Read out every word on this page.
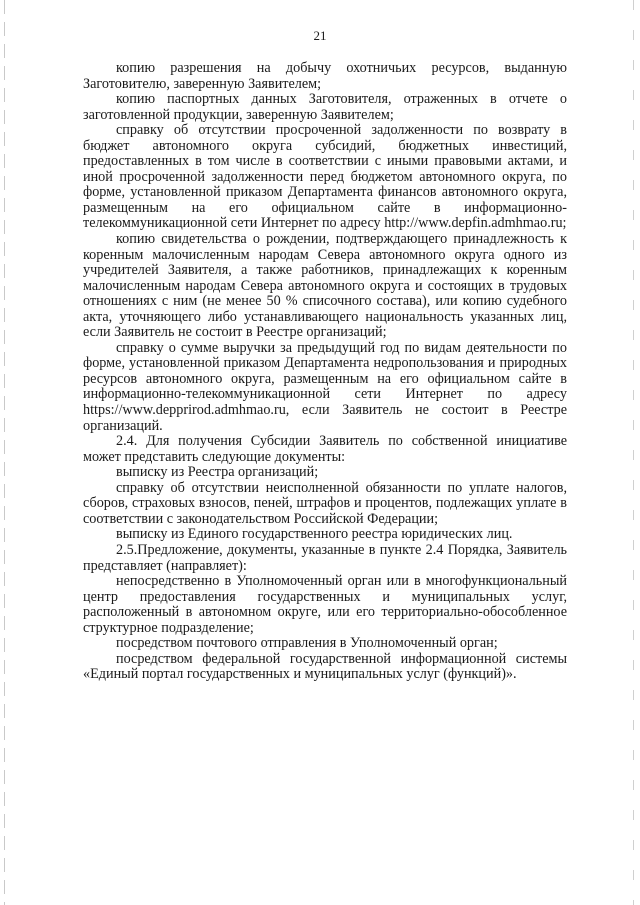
21

копию разрешения на добычу охотничьих ресурсов, выданную Заготовителю, заверенную Заявителем;

копию паспортных данных Заготовителя, отраженных в отчете о заготовленной продукции, заверенную Заявителем;

справку об отсутствии просроченной задолженности по возврату в бюджет автономного округа субсидий, бюджетных инвестиций, предоставленных в том числе в соответствии с иными правовыми актами, и иной просроченной задолженности перед бюджетом автономного округа, по форме, установленной приказом Департамента финансов автономного округа, размещенным на его официальном сайте в информационно-телекоммуникационной сети Интернет по адресу http://www.depfin.admhmao.ru;

копию свидетельства о рождении, подтверждающего принадлежность к коренным малочисленным народам Севера автономного округа одного из учредителей Заявителя, а также работников, принадлежащих к коренным малочисленным народам Севера автономного округа и состоящих в трудовых отношениях с ним (не менее 50 % списочного состава), или копию судебного акта, уточняющего либо устанавливающего национальность указанных лиц, если Заявитель не состоит в Реестре организаций;

справку о сумме выручки за предыдущий год по видам деятельности по форме, установленной приказом Департамента недропользования и природных ресурсов автономного округа, размещенным на его официальном сайте в информационно-телекоммуникационной сети Интернет по адресу https://www.depprirod.admhmao.ru, если Заявитель не состоит в Реестре организаций.

2.4. Для получения Субсидии Заявитель по собственной инициативе может представить следующие документы:

выписку из Реестра организаций;

справку об отсутствии неисполненной обязанности по уплате налогов, сборов, страховых взносов, пеней, штрафов и процентов, подлежащих уплате в соответствии с законодательством Российской Федерации;

выписку из Единого государственного реестра юридических лиц.

2.5.Предложение, документы, указанные в пункте 2.4 Порядка, Заявитель представляет (направляет):

непосредственно в Уполномоченный орган или в многофункциональный центр предоставления государственных и муниципальных услуг, расположенный в автономном округе, или его территориально-обособленное структурное подразделение;

посредством почтового отправления в Уполномоченный орган;

посредством федеральной государственной информационной системы «Единый портал государственных и муниципальных услуг (функций)».
